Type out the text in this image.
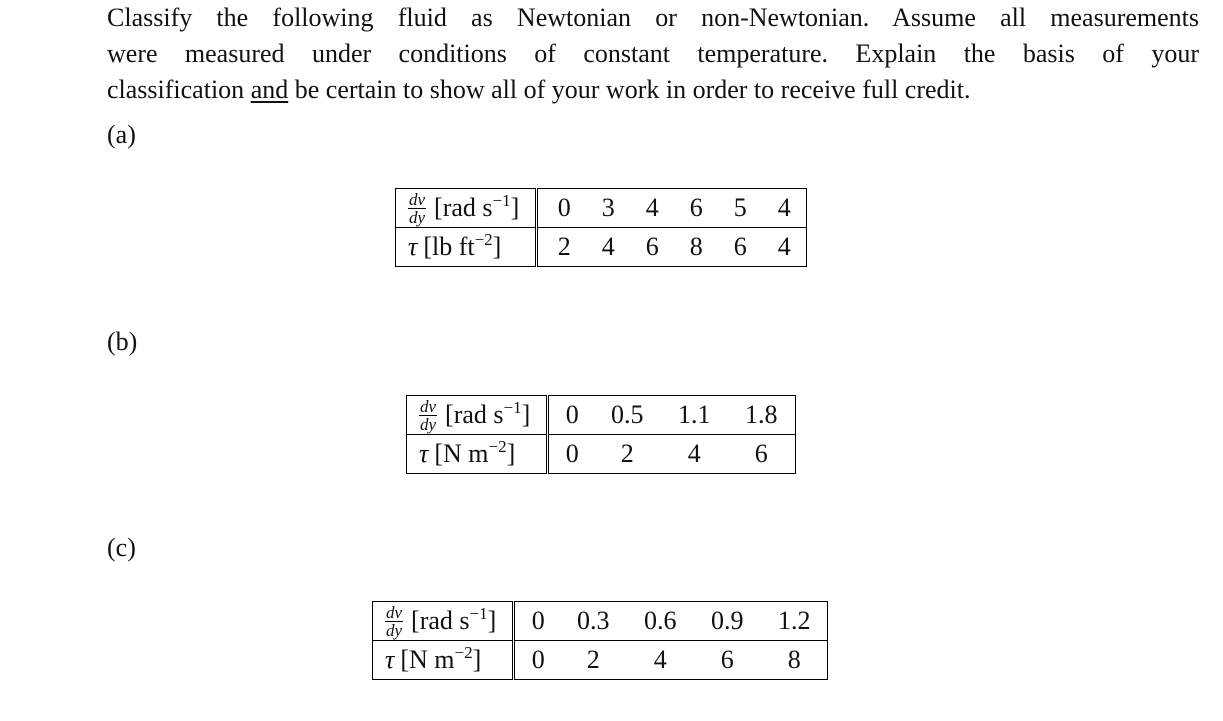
Classify the following fluid as Newtonian or non-Newtonian. Assume all measurements
were measured under conditions of constant temperature. Explain the basis of your
classification and be certain to show all of your work in order to receive full credit.
(a)
$\frac{dv}{dy} [rad$ $s^{-1}$]	0	3	4	6	5	4
τ [lb $ft^{-2}$]	2	4	6	8	6	4
(b)
$\frac{dv}{dy} [rad$ $s^{-1}$]	0	0.5	1.1	1.8
τ [N $m^{-2}$]	0	2	4	6
(c)
$\frac{dv}{dy} [rad$ $s^{-1}$]	0	0.3	0.6	0.9	1.2
τ [N $m^{-2}$]	0	2	4	6	8
